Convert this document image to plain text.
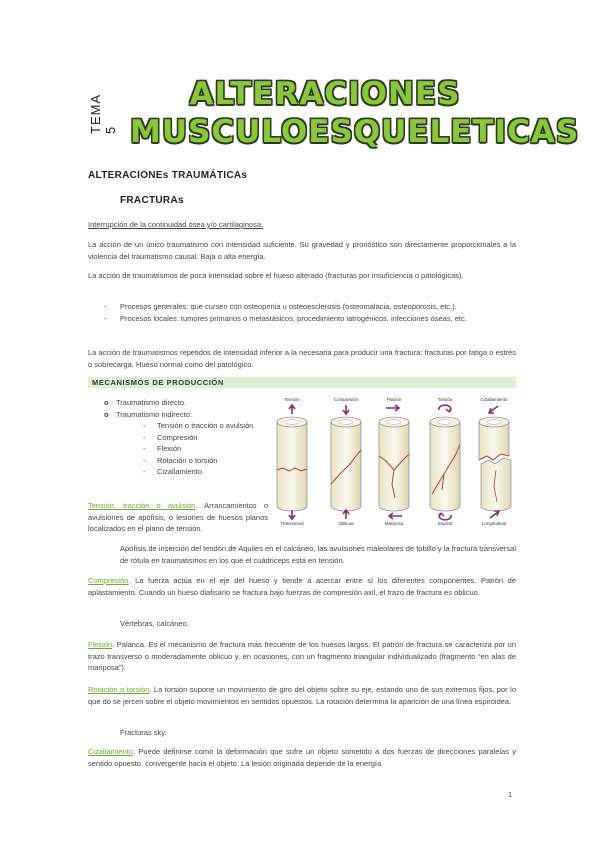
TEMA 5
ALTERACIONES
MUSCULOESQUELETICAS
ALTERACIONEs TRAUMÁTICAs
FRACTURAs
Interrupción de la continuidad ósea y/o cartilaginosa.
La acción de un único traumatismo con intensidad suficiente. Su gravedad y pronóstico son directamente proporcionales a la violencia del traumatismo causal. Baja o alta energía.
La acción de traumatismos de poca intensidad sobre el hueso alterado (fracturas por insuficiencia o patológicas).
- Procesos generales: que cursen con osteopenia u osteoesclerosis (osteomalacia, osteoporosis, etc.).
- Procesos locales: tumores primarios o metastásicos, procedimiento iatrogénicos, infecciones óseas, etc.
La acción de traumatismos repetidos de intensidad inferior a la necesaria para producir una fractura: fracturas por fatiga o estrés o sobrecarga. Hueso normal como del patológico.
MECANISMOS DE PRODUCCIÓN
o Traumatismo directo.
o Traumatismo indirecto:
- Tensión o tracción o avulsión
- Compresión
- Flexión
- Rotación o torsión
- Cizallamiento
Tensión	Compresión	Flexión	Torsión	Cizallamiento
Transversal	Oblicua	Mariposa	Espiral	Longitudinal
Tensión, tracción o avulsión. Arrancamientos o avulsiones de apófisis, o lesiones de huesos planos localizados en el plano de tensión.
Apófisis de inserción del tendón de Aquiles en el calcáneo, las avulsiones maleolares de tobillo y la fractura transversal de rótula en traumatismos en los que el cuádriceps está en tensión.
Compresión. La fuerza actúa en el eje del hueso y tiende a acercar entre sí los diferentes componentes. Patrón de aplastamiento. Cuando un hueso diafisario se fractura bajo fuerzas de compresión axil, el trazo de fractura es oblicuo.
Vértebras, calcáneo.
Flexión. Palanca. Es el mecanismo de fractura más frecuente de los huesos largos. El patrón de fractura se caracteriza por un trazo transverso o moderadamente oblicuo y, en ocasiones, con un fragmento triangular individualizado (fragmento “en alas de mariposa”).
Rotación o torsión. La torsión supone un movimiento de giro del objeto sobre su eje, estando uno de sus extremos fijos, por lo que do se jercen sobre el objeto movimientos en sentidos opuestos. La rotación determina la aparición de una línea espiroidea.
Fracturas sky.
Cizallamiento. Puede definirse como la deformación que sufre un objeto sometido a dos fuerzas de direcciones paralelas y sentido opuesto, convergente hacia el objeto. La lesión originada depende de la energía
1
